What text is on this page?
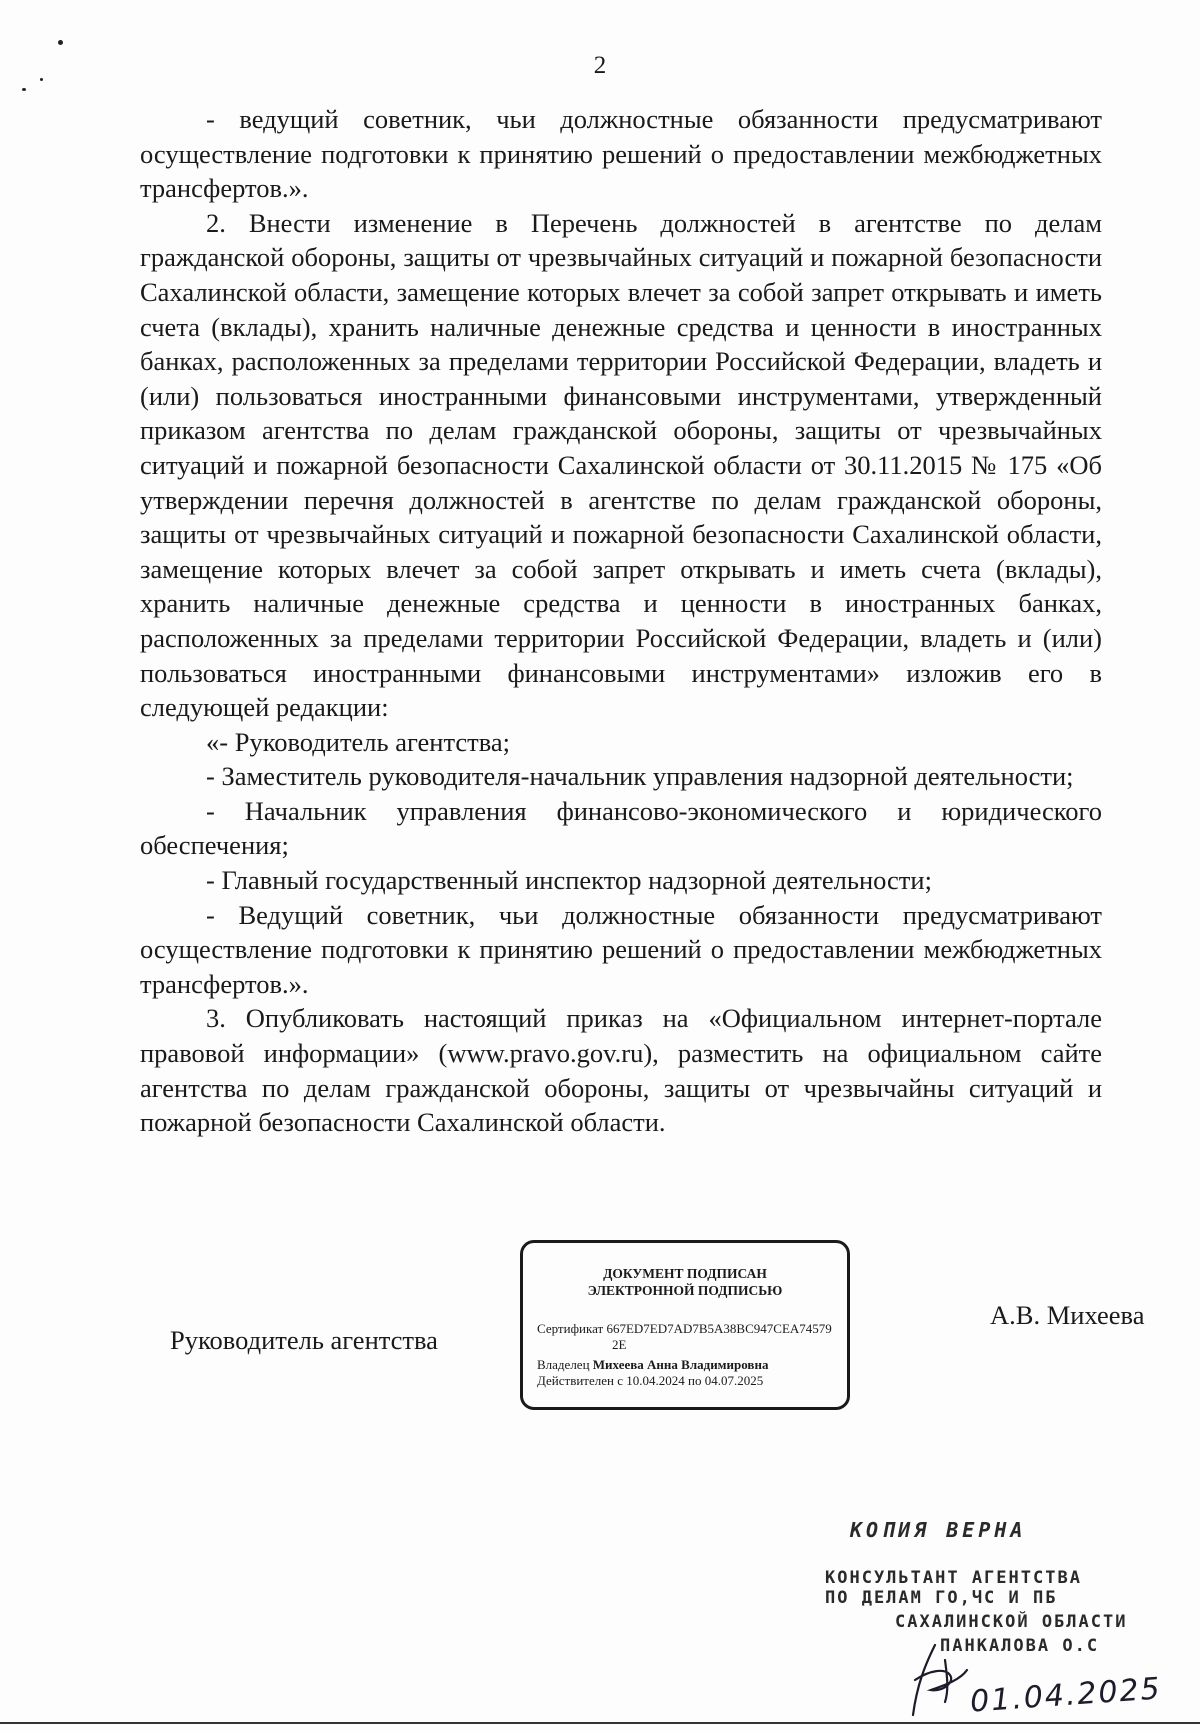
2

- ведущий советник, чьи должностные обязанности предусматривают осуществление подготовки к принятию решений о предоставлении межбюджетных трансфертов.».

2. Внести изменение в Перечень должностей в агентстве по делам гражданской обороны, защиты от чрезвычайных ситуаций и пожарной безопасности Сахалинской области, замещение которых влечет за собой запрет открывать и иметь счета (вклады), хранить наличные денежные средства и ценности в иностранных банках, расположенных за пределами территории Российской Федерации, владеть и (или) пользоваться иностранными финансовыми инструментами, утвержденный приказом агентства по делам гражданской обороны, защиты от чрезвычайных ситуаций и пожарной безопасности Сахалинской области от 30.11.2015 № 175 «Об утверждении перечня должностей в агентстве по делам гражданской обороны, защиты от чрезвычайных ситуаций и пожарной безопасности Сахалинской области, замещение которых влечет за собой запрет открывать и иметь счета (вклады), хранить наличные денежные средства и ценности в иностранных банках, расположенных за пределами территории Российской Федерации, владеть и (или) пользоваться иностранными финансовыми инструментами» изложив его в следующей редакции:

«- Руководитель агентства;

- Заместитель руководителя-начальник управления надзорной деятельности;

- Начальник управления финансово-экономического и юридического обеспечения;

- Главный государственный инспектор надзорной деятельности;

- Ведущий советник, чьи должностные обязанности предусматривают осуществление подготовки к принятию решений о предоставлении межбюджетных трансфертов.».

3. Опубликовать настоящий приказ на «Официальном интернет-портале правовой информации» (www.pravo.gov.ru), разместить на официальном сайте агентства по делам гражданской обороны, защиты от чрезвычайны ситуаций и пожарной безопасности Сахалинской области.

Руководитель агентства
ДОКУМЕНТ ПОДПИСАН
ЭЛЕКТРОННОЙ ПОДПИСЬЮ
Сертификат 667ED7ED7AD7B5A38BC947CEA74579
2E
Владелец Михеева Анна Владимировна
Действителен с 10.04.2024 по 04.07.2025
А.В. Михеева
КОПИЯ ВЕРНА
КОНСУЛЬТАНТ АГЕНТСТВА
ПО ДЕЛАМ ГО,ЧС И ПБ
САХАЛИНСКОЙ ОБЛАСТИ
ПАНКАЛОВА О.С
01.04.2025
